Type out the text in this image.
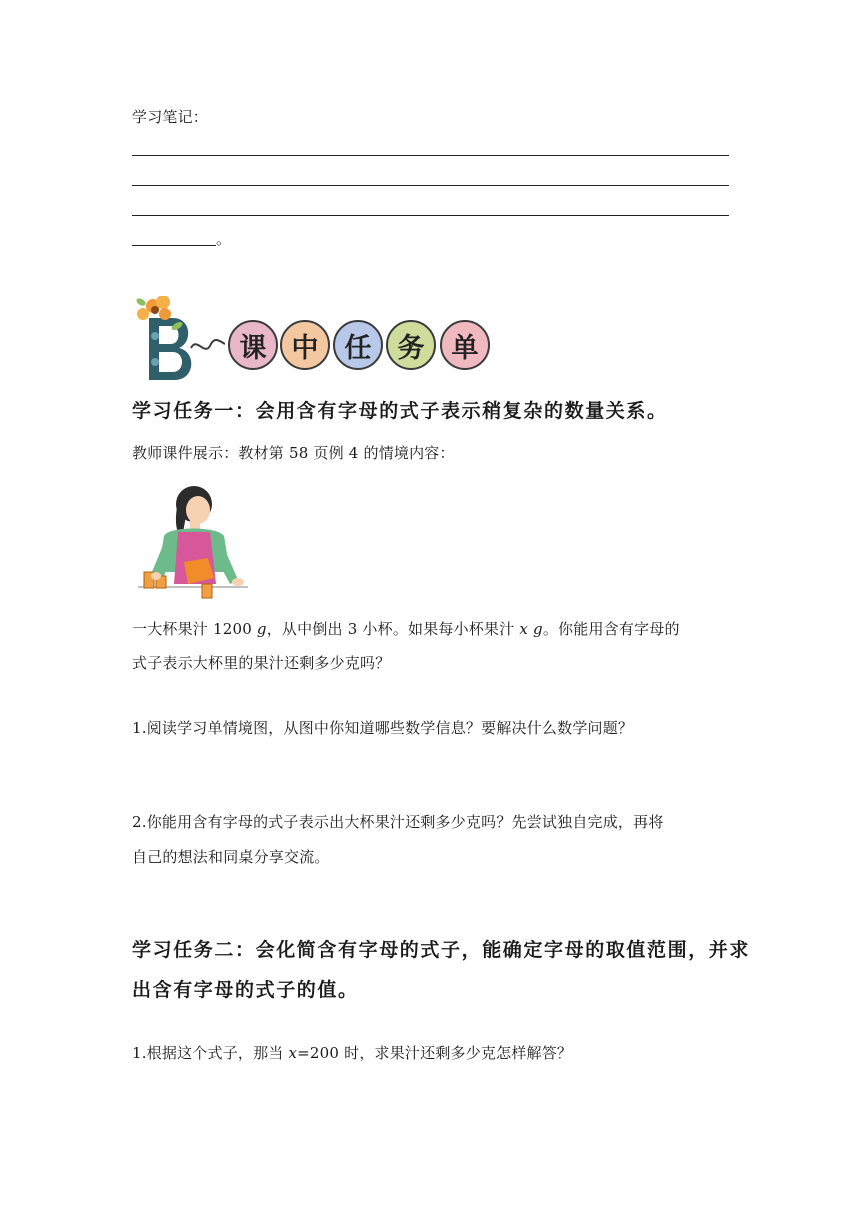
学习笔记：
。
课 中 任 务	单
学习任务一：会用含有字母的式子表示稍复杂的数量关系。
教师课件展示：教材第 58 页例 4 的情境内容：
一大杯果汁 1200 g，从中倒出 3 小杯。如果每小杯果汁 x g。你能用含有字母的
式子表示大杯里的果汁还剩多少克吗？
1.阅读学习单情境图，从图中你知道哪些数学信息？要解决什么数学问题？
2.你能用含有字母的式子表示出大杯果汁还剩多少克吗？先尝试独自完成，再将
自己的想法和同桌分享交流。
学习任务二：会化简含有字母的式子，能确定字母的取值范围，并求
出含有字母的式子的值。
1.根据这个式子，那当 x=200 时，求果汁还剩多少克怎样解答？
